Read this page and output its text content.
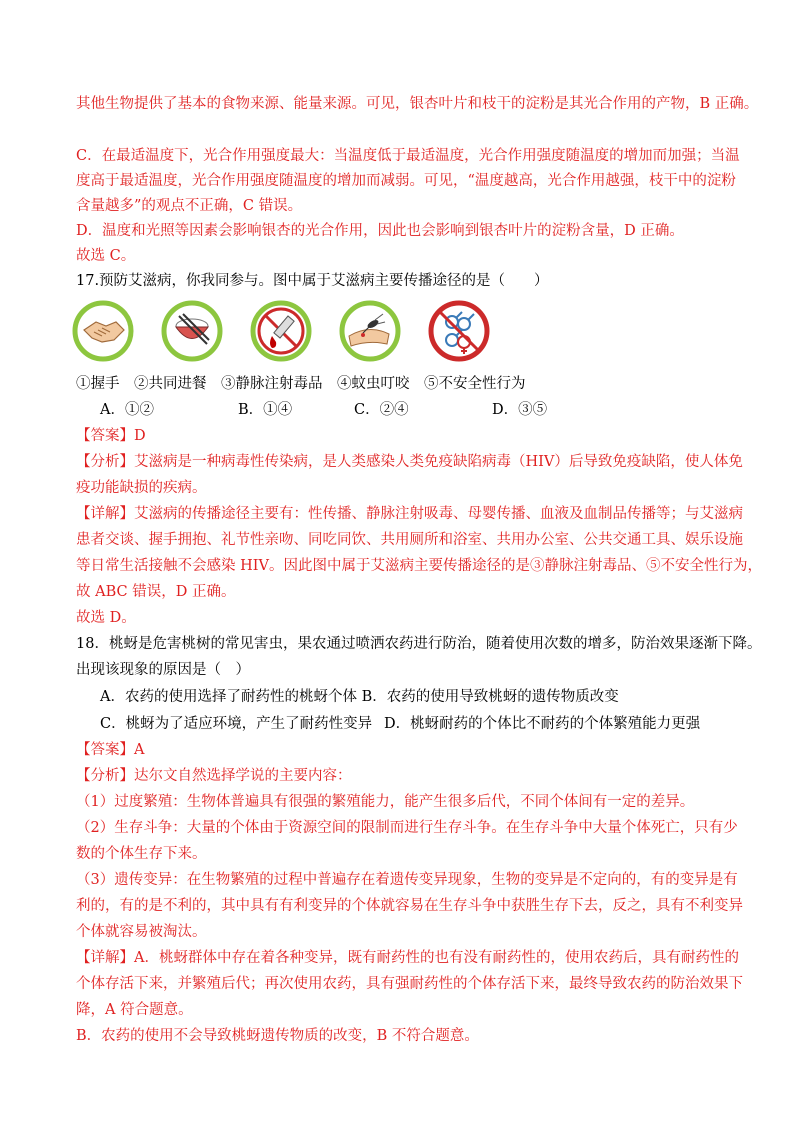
其他生物提供了基本的食物来源、能量来源。可见，银杏叶片和枝干的淀粉是其光合作用的产物，B 正确。
C．在最适温度下，光合作用强度最大：当温度低于最适温度，光合作用强度随温度的增加而加强；当温
度高于最适温度，光合作用强度随温度的增加而减弱。可见，“温度越高，光合作用越强，枝干中的淀粉
含量越多”的观点不正确，C 错误。
D．温度和光照等因素会影响银杏的光合作用，因此也会影响到银杏叶片的淀粉含量，D 正确。
故选 C。
17.预防艾滋病，你我同参与。图中属于艾滋病主要传播途径的是（　　）
①握手　②共同进餐　③静脉注射毒品　④蚊虫叮咬　⑤不安全性行为
A．①②	B．①④	C．②④	D．③⑤
【答案】D
【分析】艾滋病是一种病毒性传染病，是人类感染人类免疫缺陷病毒（HIV）后导致免疫缺陷，使人体免
疫功能缺损的疾病。
【详解】艾滋病的传播途径主要有：性传播、静脉注射吸毒、母婴传播、血液及血制品传播等；与艾滋病
患者交谈、握手拥抱、礼节性亲吻、同吃同饮、共用厕所和浴室、共用办公室、公共交通工具、娱乐设施
等日常生活接触不会感染 HIV。因此图中属于艾滋病主要传播途径的是③静脉注射毒品、⑤不安全性行为，
故 ABC 错误，D 正确。
故选 D。
18．桃蚜是危害桃树的常见害虫，果农通过喷洒农药进行防治，随着使用次数的增多，防治效果逐渐下降。
出现该现象的原因是（　）
A．农药的使用选择了耐药性的桃蚜个体 B．农药的使用导致桃蚜的遗传物质改变
C．桃蚜为了适应环境，产生了耐药性变异 D．桃蚜耐药的个体比不耐药的个体繁殖能力更强
【答案】A
【分析】达尔文自然选择学说的主要内容：
（1）过度繁殖：生物体普遍具有很强的繁殖能力，能产生很多后代，不同个体间有一定的差异。
（2）生存斗争：大量的个体由于资源空间的限制而进行生存斗争。在生存斗争中大量个体死亡，只有少
数的个体生存下来。
（3）遗传变异：在生物繁殖的过程中普遍存在着遗传变异现象，生物的变异是不定向的，有的变异是有
利的，有的是不利的，其中具有有利变异的个体就容易在生存斗争中获胜生存下去，反之，具有不利变异
个体就容易被淘汰。
【详解】A．桃蚜群体中存在着各种变异，既有耐药性的也有没有耐药性的，使用农药后，具有耐药性的
个体存活下来，并繁殖后代；再次使用农药，具有强耐药性的个体存活下来，最终导致农药的防治效果下
降，A 符合题意。
B．农药的使用不会导致桃蚜遗传物质的改变，B 不符合题意。
